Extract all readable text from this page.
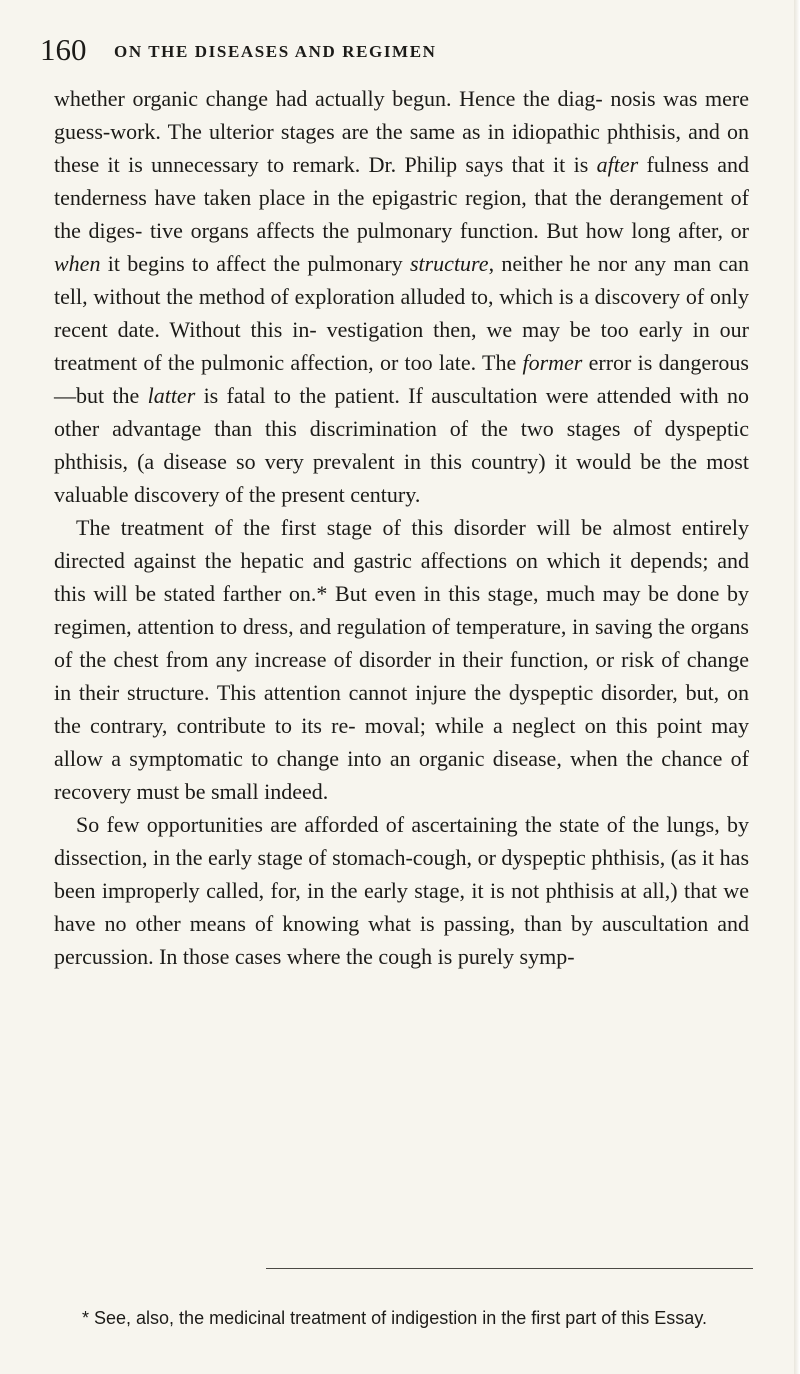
160 ON THE DISEASES AND REGIMEN

whether organic change had actually begun. Hence the diag- nosis was mere guess-work. The ulterior stages are the same as in idiopathic phthisis, and on these it is unnecessary to remark. Dr. Philip says that it is after fulness and tenderness have taken place in the epigastric region, that the derangement of the diges- tive organs affects the pulmonary function. But how long after, or when it begins to affect the pulmonary structure, neither he nor any man can tell, without the method of exploration alluded to, which is a discovery of only recent date. Without this in- vestigation then, we may be too early in our treatment of the pulmonic affection, or too late. The former error is dangerous —but the latter is fatal to the patient. If auscultation were attended with no other advantage than this discrimination of the two stages of dyspeptic phthisis, (a disease so very prevalent in this country) it would be the most valuable discovery of the present century.

The treatment of the first stage of this disorder will be almost entirely directed against the hepatic and gastric affections on which it depends; and this will be stated farther on.* But even in this stage, much may be done by regimen, attention to dress, and regulation of temperature, in saving the organs of the chest from any increase of disorder in their function, or risk of change in their structure. This attention cannot injure the dyspeptic disorder, but, on the contrary, contribute to its re- moval; while a neglect on this point may allow a symptomatic to change into an organic disease, when the chance of recovery must be small indeed.

So few opportunities are afforded of ascertaining the state of the lungs, by dissection, in the early stage of stomach-cough, or dyspeptic phthisis, (as it has been improperly called, for, in the early stage, it is not phthisis at all,) that we have no other means of knowing what is passing, than by auscultation and percussion. In those cases where the cough is purely symp-

* See, also, the medicinal treatment of indigestion in the first part of this Essay.
